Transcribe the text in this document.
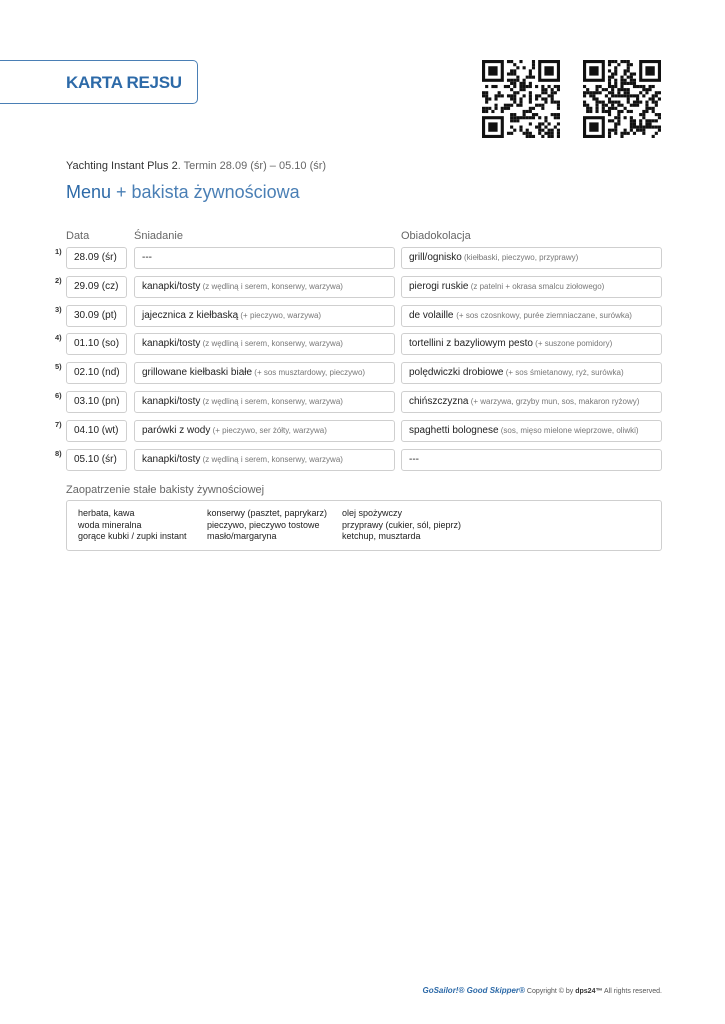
KARTA REJSU
Yachting Instant Plus 2. Termin 28.09 (śr) – 05.10 (śr)
Menu + bakista żywnościowa
Data	Śniadanie	Obiadokolacja
1)
28.09 (śr)	---	grill/ognisko (kiełbaski, pieczywo, przyprawy)
2)
29.09 (cz)	kanapki/tosty (z wędliną i serem, konserwy, warzywa)	pierogi ruskie (z patelni + okrasa smalcu ziołowego)
3)
30.09 (pt)	jajecznica z kiełbaską (+ pieczywo, warzywa)	de volaille (+ sos czosnkowy, purée ziemniaczane, surówka)
4)
01.10 (so)	kanapki/tosty (z wędliną i serem, konserwy, warzywa)	tortellini z bazyliowym pesto (+ suszone pomidory)
5)
02.10 (nd)	grillowane kiełbaski białe (+ sos musztardowy, pieczywo)	polędwiczki drobiowe (+ sos śmietanowy, ryż, surówka)
6)
03.10 (pn)	kanapki/tosty (z wędliną i serem, konserwy, warzywa)	chińszczyzna (+ warzywa, grzyby mun, sos, makaron ryżowy)
7)
04.10 (wt)	parówki z wody (+ pieczywo, ser żółty, warzywa)	spaghetti bolognese (sos, mięso mielone wieprzowe, oliwki)
8)
05.10 (śr)	kanapki/tosty (z wędliną i serem, konserwy, warzywa)	---
Zaopatrzenie stałe bakisty żywnościowej
herbata, kawa
woda mineralna
gorące kubki / zupki instant
konserwy (pasztet, paprykarz)
pieczywo, pieczywo tostowe
masło/margaryna
olej spożywczy
przyprawy (cukier, sól, pieprz)
ketchup, musztarda
GoSailor!® Good Skipper® Copyright © by dps24™ All rights reserved.
